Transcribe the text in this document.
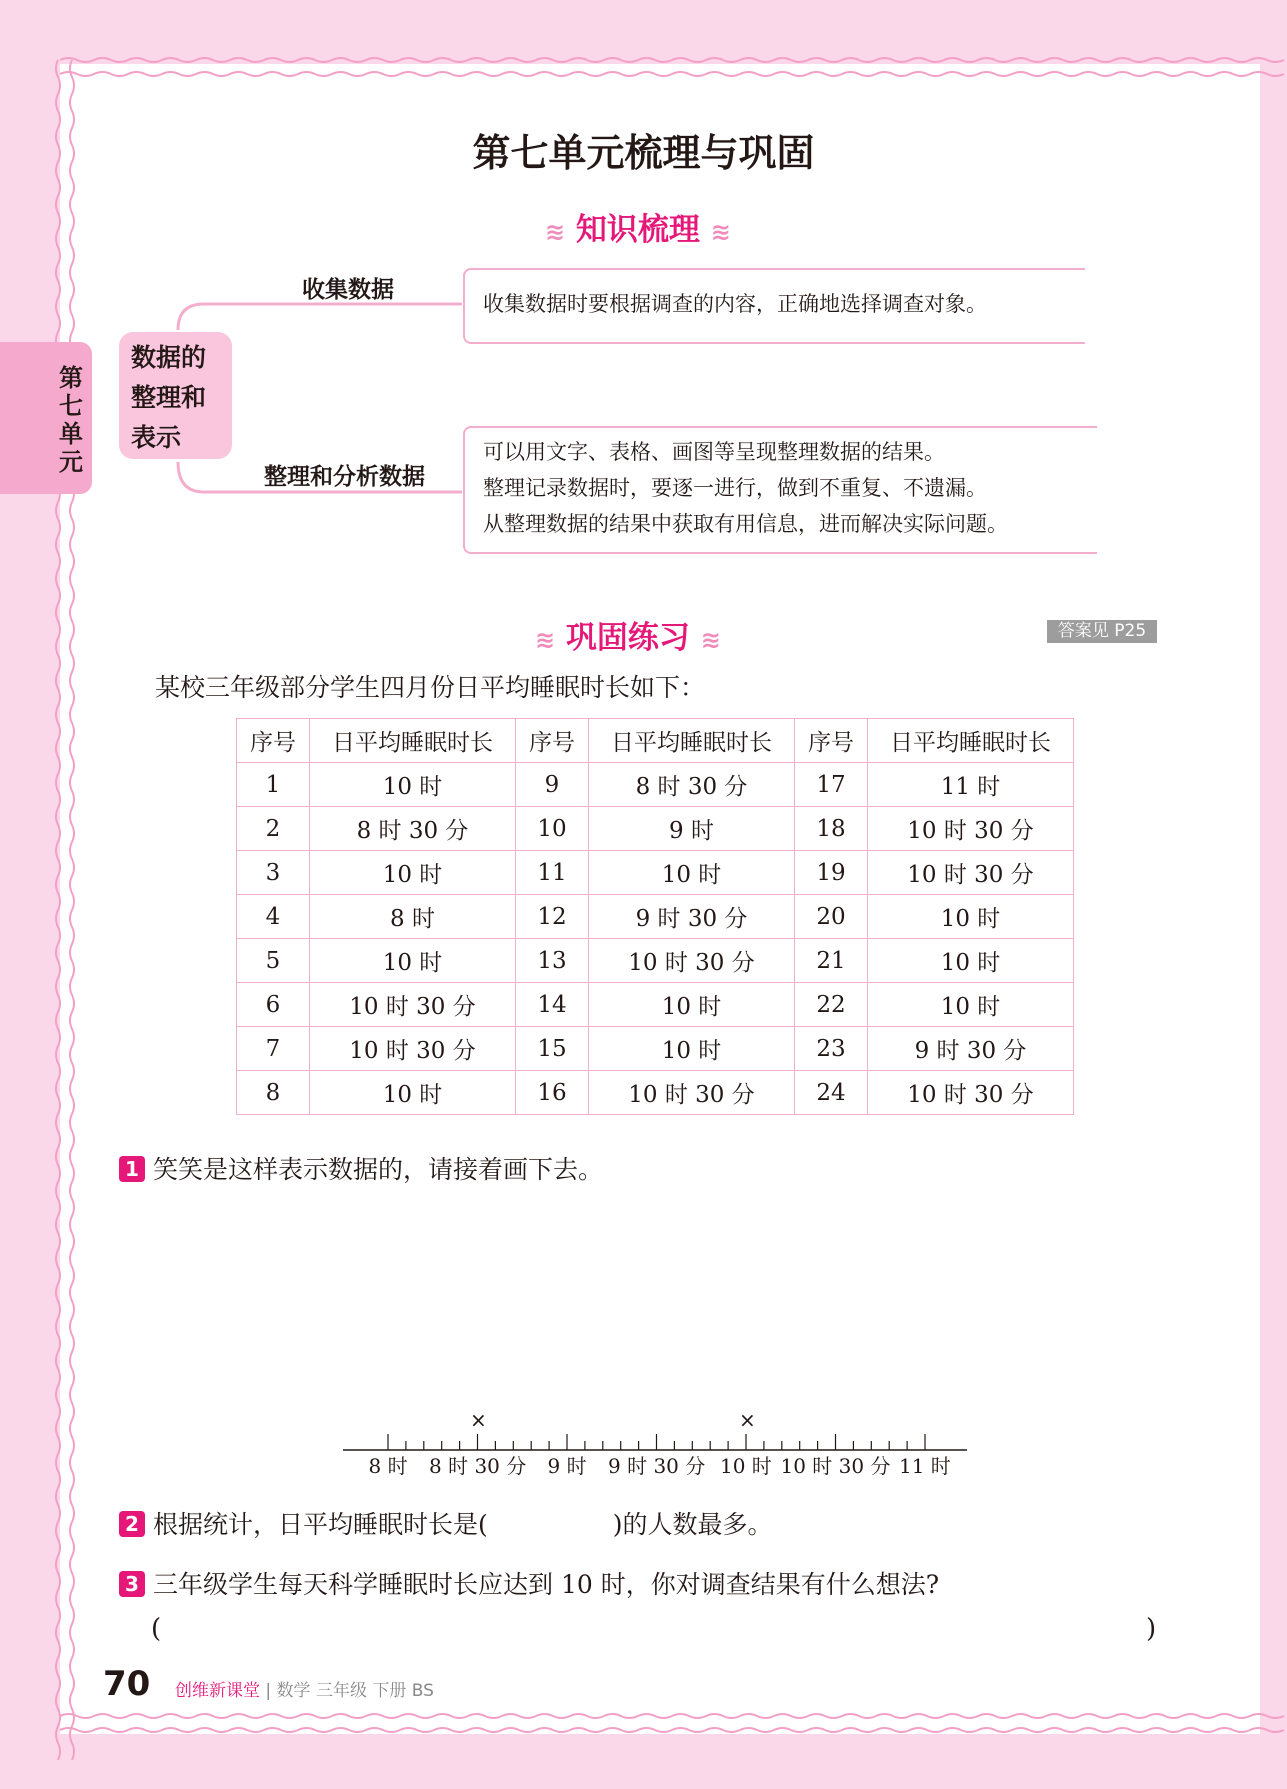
第七单元
第七单元梳理与巩固
≋ 知识梳理 ≋
数据的整理和表示
收集数据

收集数据时要根据调查的内容，正确地选择调查对象。

整理和分析数据

可以用文字、表格、画图等呈现整理数据的结果。

整理记录数据时，要逐一进行，做到不重复、不遗漏。

从整理数据的结果中获取有用信息，进而解决实际问题。

≋ 巩固练习 ≋	答案见 P25
某校三年级部分学生四月份日平均睡眠时长如下：
序号	日平均睡眠时长	序号	日平均睡眠时长	序号	日平均睡眠时长
1	10 时	9	8 时 30 分	17	11 时
2	8 时 30 分	10	9 时	18	10 时 30 分
3	10 时	11	10 时	19	10 时 30 分
4	8 时	12	9 时 30 分	20	10 时
5	10 时	13	10 时 30 分	21	10 时
6	10 时 30 分	14	10 时	22	10 时
7	10 时 30 分	15	10 时	23	9 时 30 分
8	10 时	16	10 时 30 分	24	10 时 30 分
1 笑笑是这样表示数据的，请接着画下去。
8 时 8 时 30 分 9 时 9 时 30 分 10 时 10 时 30 分 11 时
×	×
2 根据统计，日平均睡眠时长是(	)的人数最多。
3 三年级学生每天科学睡眠时长应达到 10 时，你对调查结果有什么想法?
(	)
70 创维新课堂 | 数学 三年级 下册 BS
